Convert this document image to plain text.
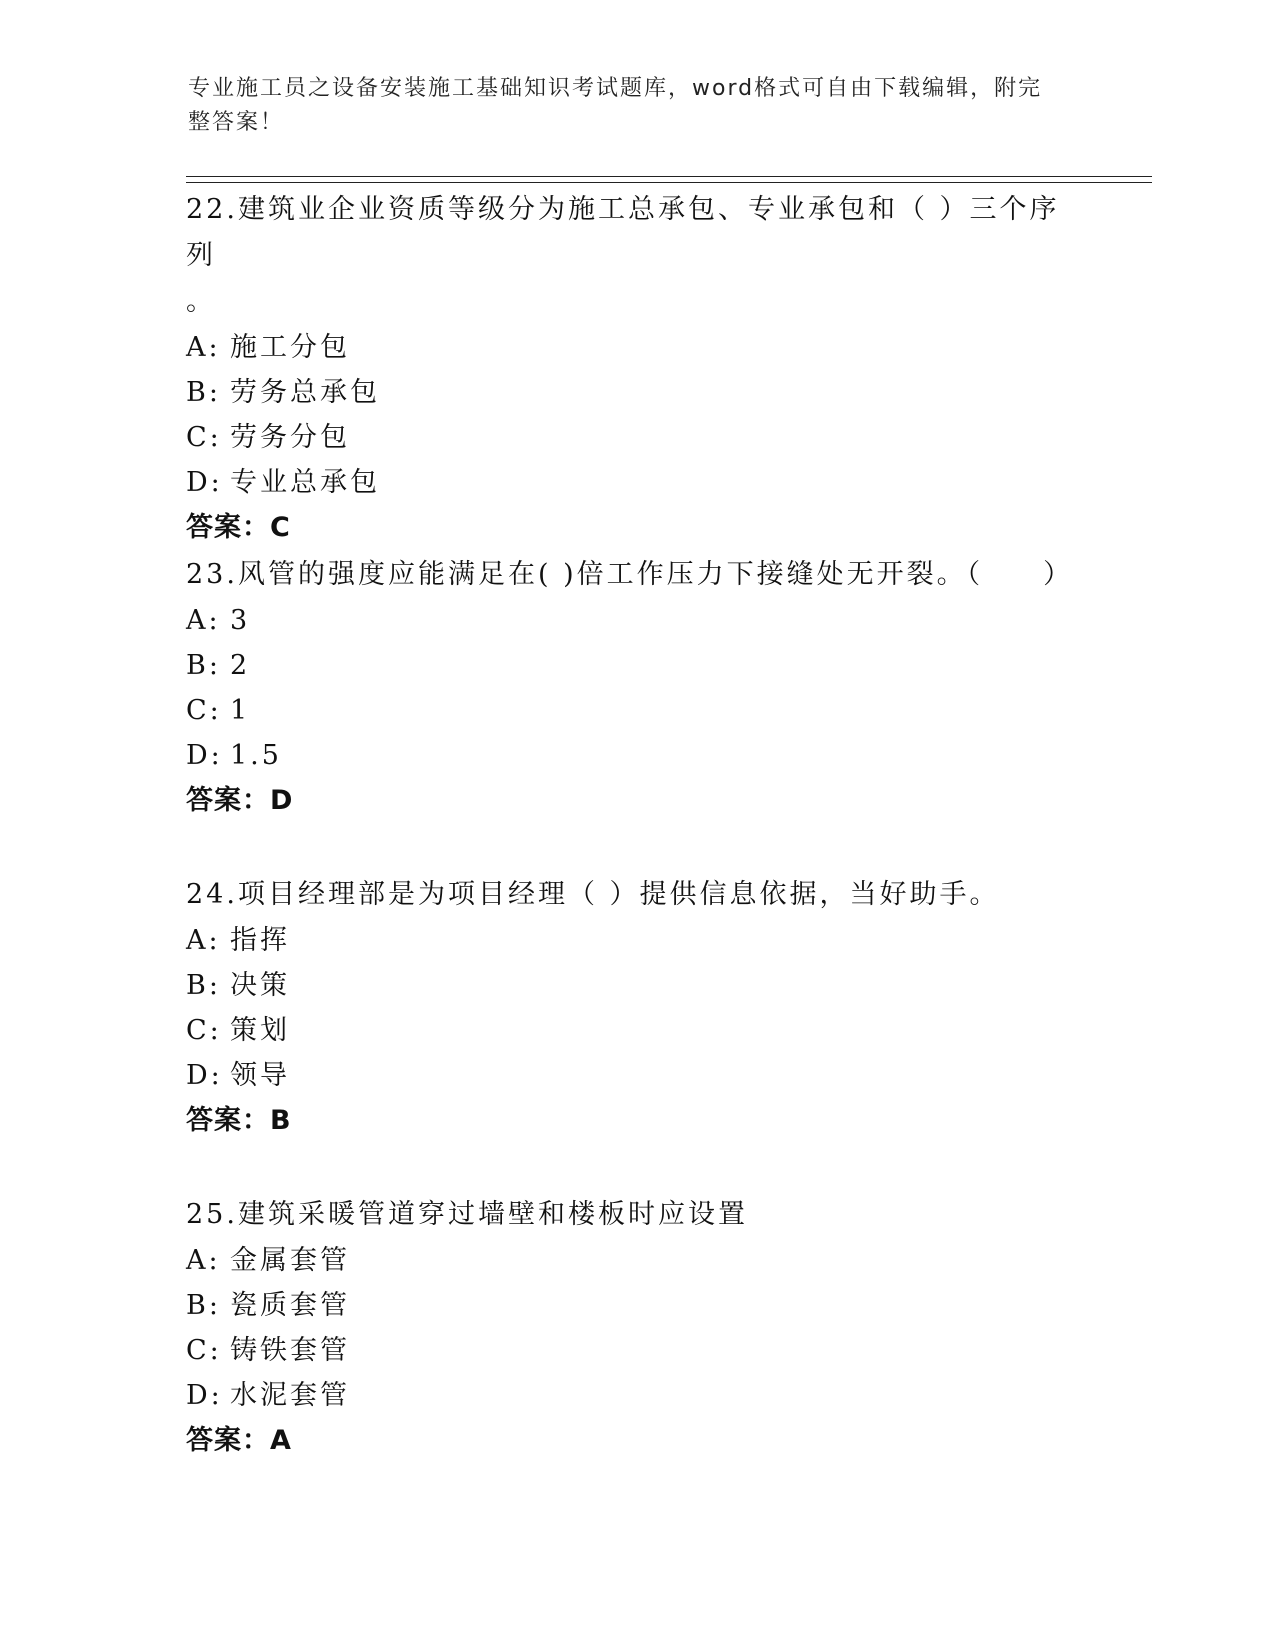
专业施工员之设备安装施工基础知识考试题库，word格式可自由下载编辑，附完
整答案！
22.建筑业企业资质等级分为施工总承包、专业承包和（ ）三个序列
。
A: 施工分包
B: 劳务总承包
C: 劳务分包
D: 专业总承包
答案：C
23.风管的强度应能满足在( )倍工作压力下接缝处无开裂。（　　）
A: 3
B: 2
C: 1
D: 1.5
答案：D
24.项目经理部是为项目经理（ ）提供信息依据，当好助手。
A: 指挥
B: 决策
C: 策划
D: 领导
答案：B
25.建筑采暖管道穿过墙壁和楼板时应设置
A: 金属套管
B: 瓷质套管
C: 铸铁套管
D: 水泥套管
答案：A
